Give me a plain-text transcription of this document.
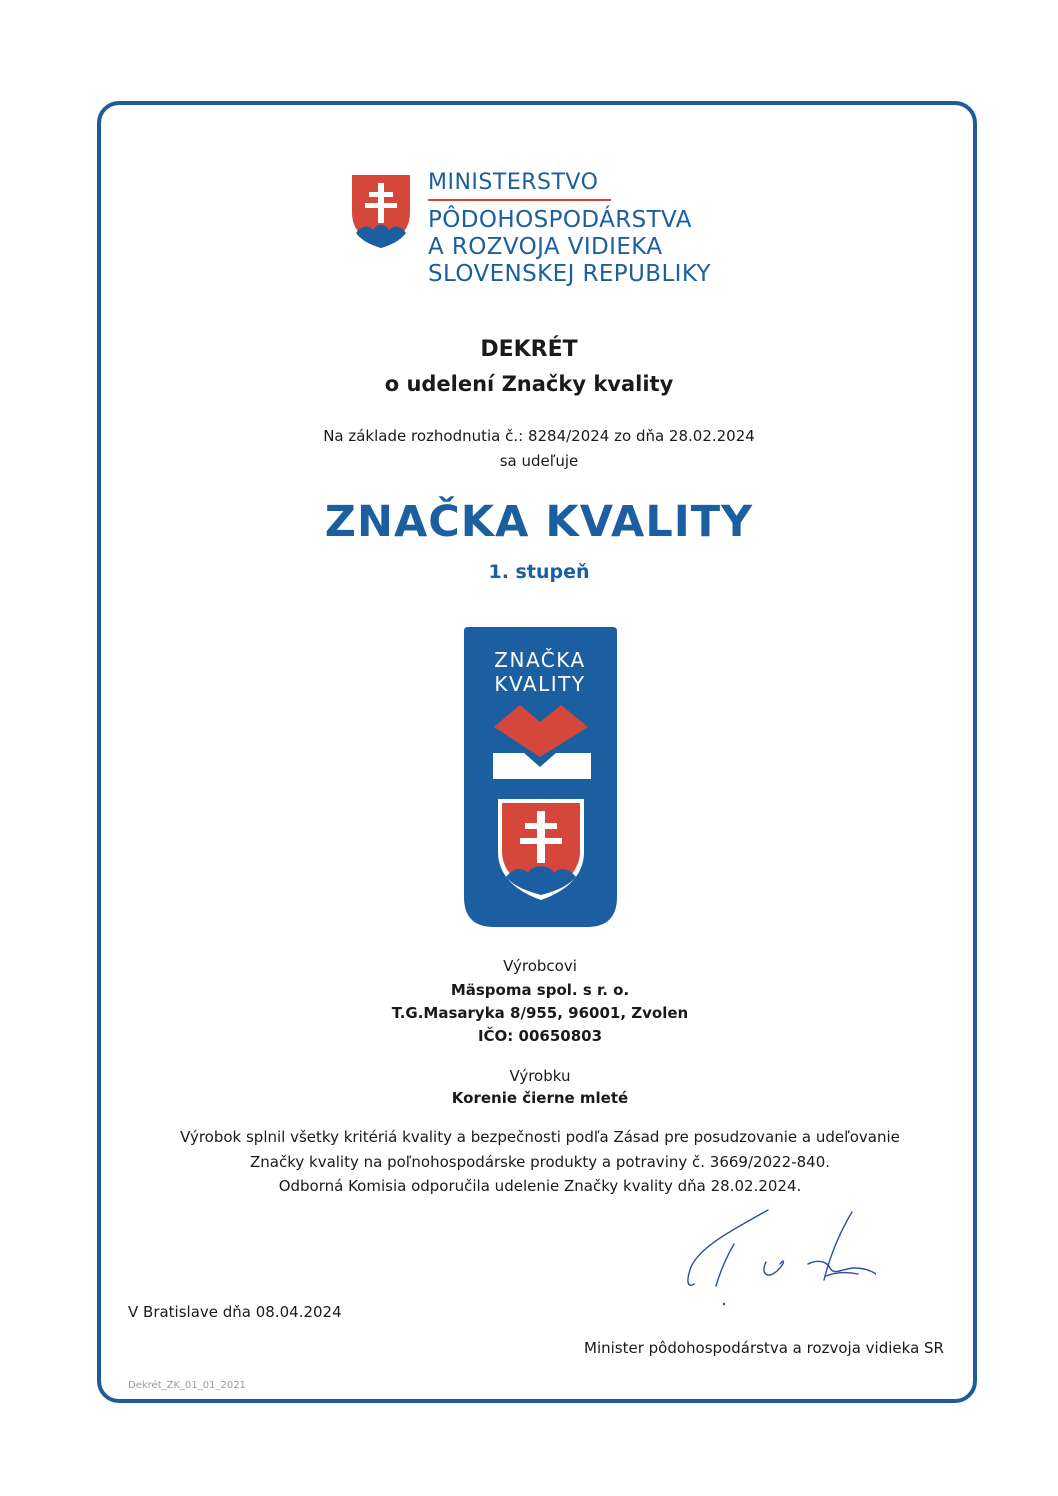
MINISTERSTVO
PÔDOHOSPODÁRSTVA
A ROZVOJA VIDIEKA
SLOVENSKEJ REPUBLIKY
DEKRÉT
o udelení Značky kvality
Na základe rozhodnutia č.: 8284/2024 zo dňa 28.02.2024
sa udeľuje
ZNAČKA KVALITY
1. stupeň
ZNAČKA
KVALITY
Výrobcovi
Mäspoma spol. s r. o.
T.G.Masaryka 8/955, 96001, Zvolen
IČO: 00650803
Výrobku
Korenie čierne mleté
Výrobok splnil všetky kritériá kvality a bezpečnosti podľa Zásad pre posudzovanie a udeľovanie
Značky kvality na poľnohospodárske produkty a potraviny č. 3669/2022-840.
Odborná Komisia odporučila udelenie Značky kvality dňa 28.02.2024.
V Bratislave dňa 08.04.2024
Minister pôdohospodárstva a rozvoja vidieka SR
Dekrét_ZK_01_01_2021
